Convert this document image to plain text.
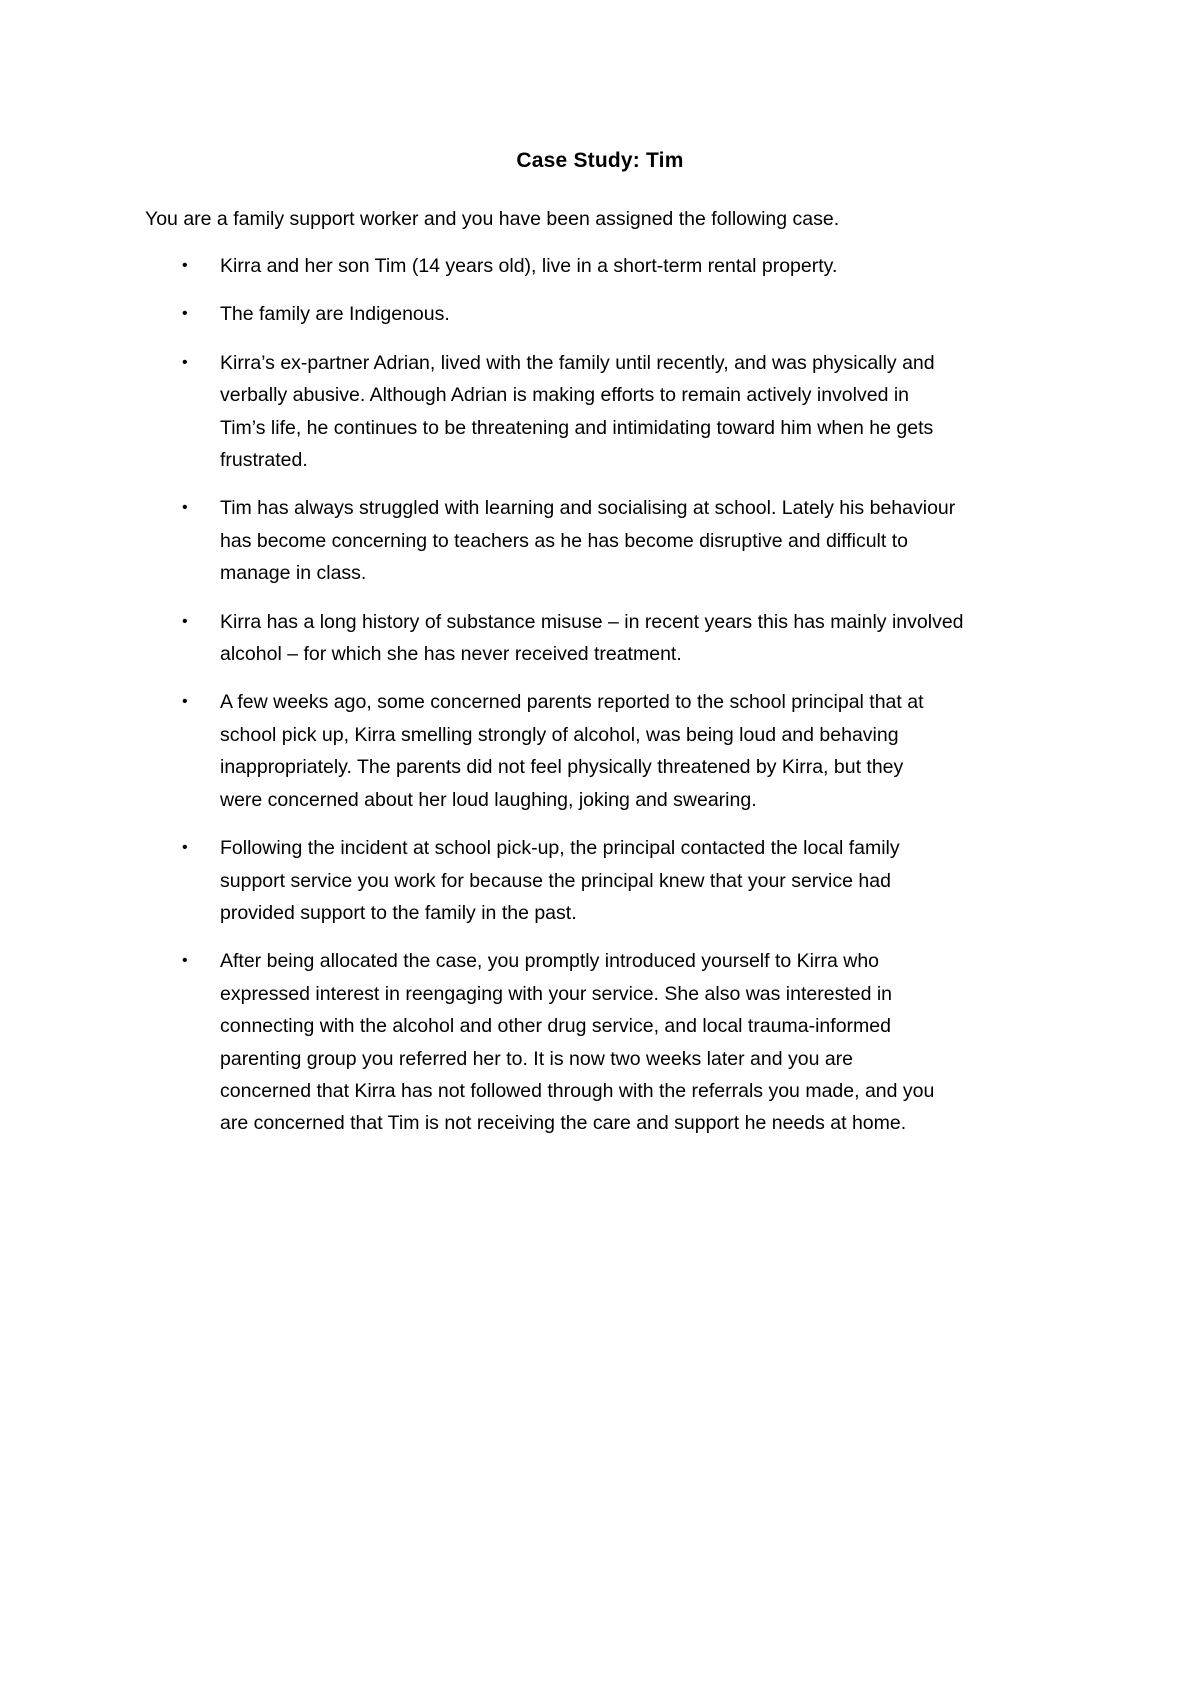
Case Study: Tim
You are a family support worker and you have been assigned the following case.
• Kirra and her son Tim (14 years old), live in a short-term rental property.
• The family are Indigenous.
• Kirra’s ex-partner Adrian, lived with the family until recently, and was physically and
verbally abusive. Although Adrian is making efforts to remain actively involved in
Tim’s life, he continues to be threatening and intimidating toward him when he gets
frustrated.
• Tim has always struggled with learning and socialising at school. Lately his behaviour
has become concerning to teachers as he has become disruptive and difficult to
manage in class.
• Kirra has a long history of substance misuse – in recent years this has mainly involved
alcohol – for which she has never received treatment.
• A few weeks ago, some concerned parents reported to the school principal that at
school pick up, Kirra smelling strongly of alcohol, was being loud and behaving
inappropriately. The parents did not feel physically threatened by Kirra, but they
were concerned about her loud laughing, joking and swearing.
• Following the incident at school pick-up, the principal contacted the local family
support service you work for because the principal knew that your service had
provided support to the family in the past.
• After being allocated the case, you promptly introduced yourself to Kirra who
expressed interest in reengaging with your service. She also was interested in
connecting with the alcohol and other drug service, and local trauma-informed
parenting group you referred her to. It is now two weeks later and you are
concerned that Kirra has not followed through with the referrals you made, and you
are concerned that Tim is not receiving the care and support he needs at home.
